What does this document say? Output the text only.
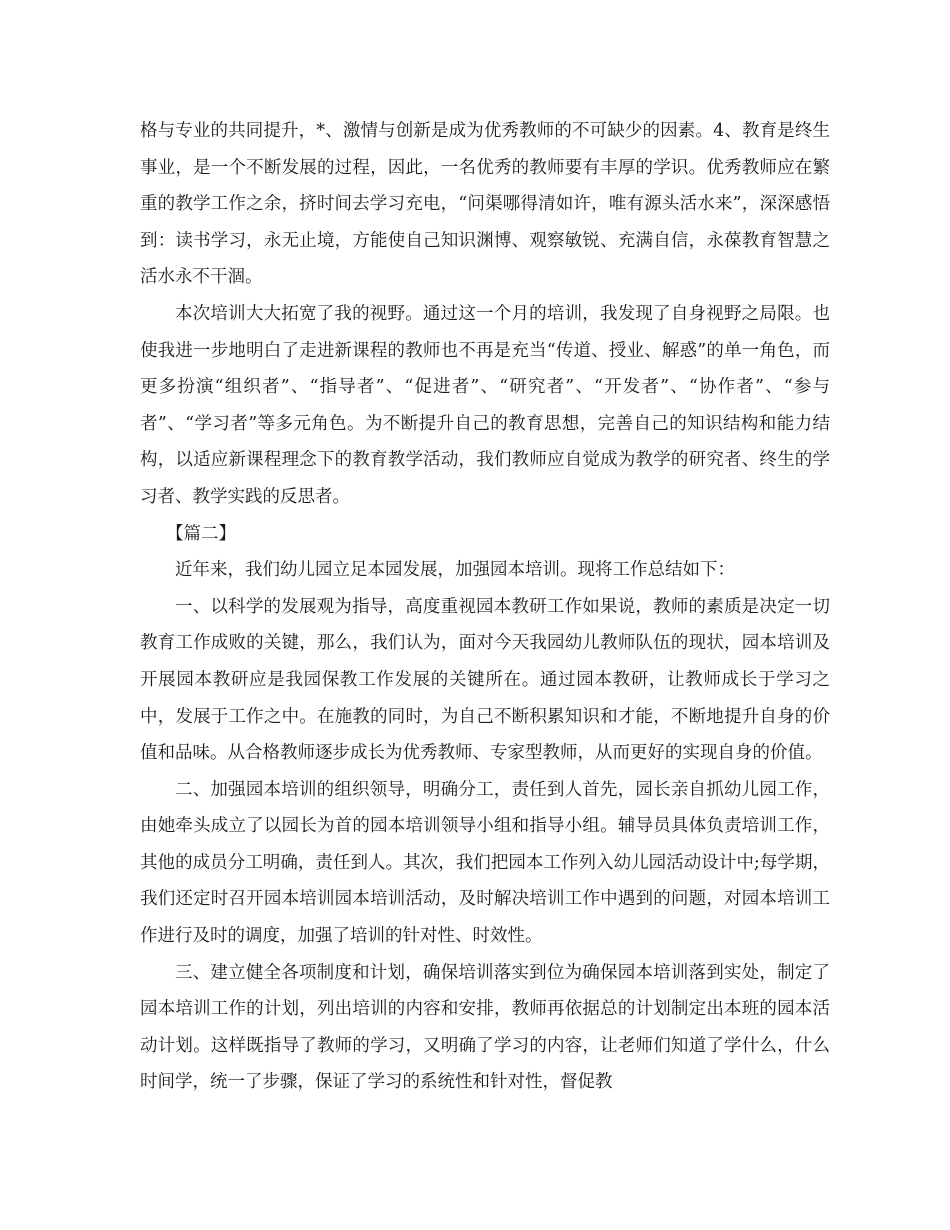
格与专业的共同提升，*、激情与创新是成为优秀教师的不可缺少的因素。4、教育是终生事业，是一个不断发展的过程，因此，一名优秀的教师要有丰厚的学识。优秀教师应在繁重的教学工作之余，挤时间去学习充电，“问渠哪得清如许，唯有源头活水来”，深深感悟到：读书学习，永无止境，方能使自己知识渊博、观察敏锐、充满自信，永葆教育智慧之活水永不干涸。

本次培训大大拓宽了我的视野。通过这一个月的培训，我发现了自身视野之局限。也使我进一步地明白了走进新课程的教师也不再是充当“传道、授业、解惑”的单一角色，而更多扮演“组织者”、“指导者”、“促进者”、“研究者”、“开发者”、“协作者”、“参与者”、“学习者”等多元角色。为不断提升自己的教育思想，完善自己的知识结构和能力结构，以适应新课程理念下的教育教学活动，我们教师应自觉成为教学的研究者、终生的学习者、教学实践的反思者。

【篇二】

近年来，我们幼儿园立足本园发展，加强园本培训。现将工作总结如下：

一、以科学的发展观为指导，高度重视园本教研工作如果说，教师的素质是决定一切教育工作成败的关键，那么，我们认为，面对今天我园幼儿教师队伍的现状，园本培训及开展园本教研应是我园保教工作发展的关键所在。通过园本教研，让教师成长于学习之中，发展于工作之中。在施教的同时，为自己不断积累知识和才能，不断地提升自身的价值和品味。从合格教师逐步成长为优秀教师、专家型教师，从而更好的实现自身的价值。

二、加强园本培训的组织领导，明确分工，责任到人首先，园长亲自抓幼儿园工作，由她牵头成立了以园长为首的园本培训领导小组和指导小组。辅导员具体负责培训工作，其他的成员分工明确，责任到人。其次，我们把园本工作列入幼儿园活动设计中;每学期，我们还定时召开园本培训园本培训活动，及时解决培训工作中遇到的问题，对园本培训工作进行及时的调度，加强了培训的针对性、时效性。

三、建立健全各项制度和计划，确保培训落实到位为确保园本培训落到实处，制定了园本培训工作的计划，列出培训的内容和安排，教师再依据总的计划制定出本班的园本活动计划。这样既指导了教师的学习，又明确了学习的内容，让老师们知道了学什么，什么时间学，统一了步骤，保证了学习的系统性和针对性，督促教
